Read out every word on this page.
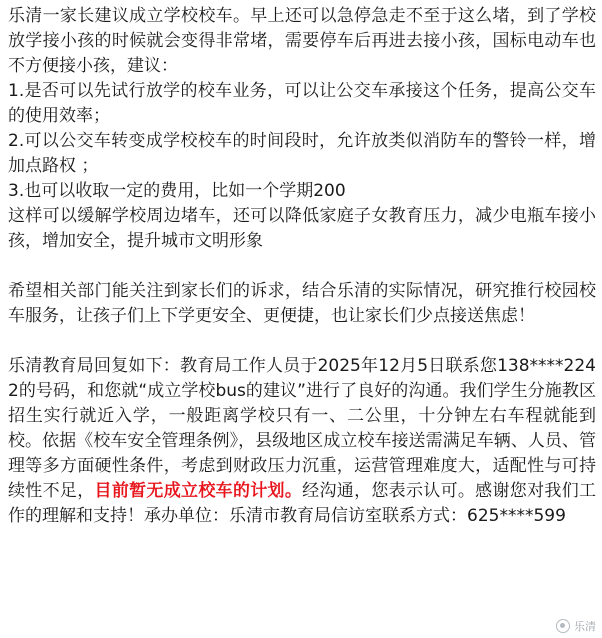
乐清一家长建议成立学校校车。早上还可以急停急走不至于这么堵，到了学校放学接小孩的时候就会变得非常堵，需要停车后再进去接小孩，国标电动车也不方便接小孩，建议：

1.是否可以先试行放学的校车业务，可以让公交车承接这个任务，提高公交车的使用效率；

2.可以公交车转变成学校校车的时间段时，允许放类似消防车的警铃一样，增加点路权 ；

3.也可以收取一定的费用，比如一个学期200

这样可以缓解学校周边堵车，还可以降低家庭子女教育压力，减少电瓶车接小孩，增加安全，提升城市文明形象

希望相关部门能关注到家长们的诉求，结合乐清的实际情况，研究推行校园校车服务，让孩子们上下学更安全、更便捷，也让家长们少点接送焦虑！

乐清教育局回复如下：教育局工作人员于2025年12月5日联系您138****2242的号码，和您就“成立学校bus的建议”进行了良好的沟通。我们学生分施教区招生实行就近入学，一般距离学校只有一、二公里，十分钟左右车程就能到校。依据《校车安全管理条例》，县级地区成立校车接送需满足车辆、人员、管理等多方面硬性条件，考虑到财政压力沉重，运营管理难度大，适配性与可持续性不足，目前暂无成立校车的计划。经沟通，您表示认可。感谢您对我们工作的理解和支持！承办单位：乐清市教育局信访室联系方式：625****599

乐清
